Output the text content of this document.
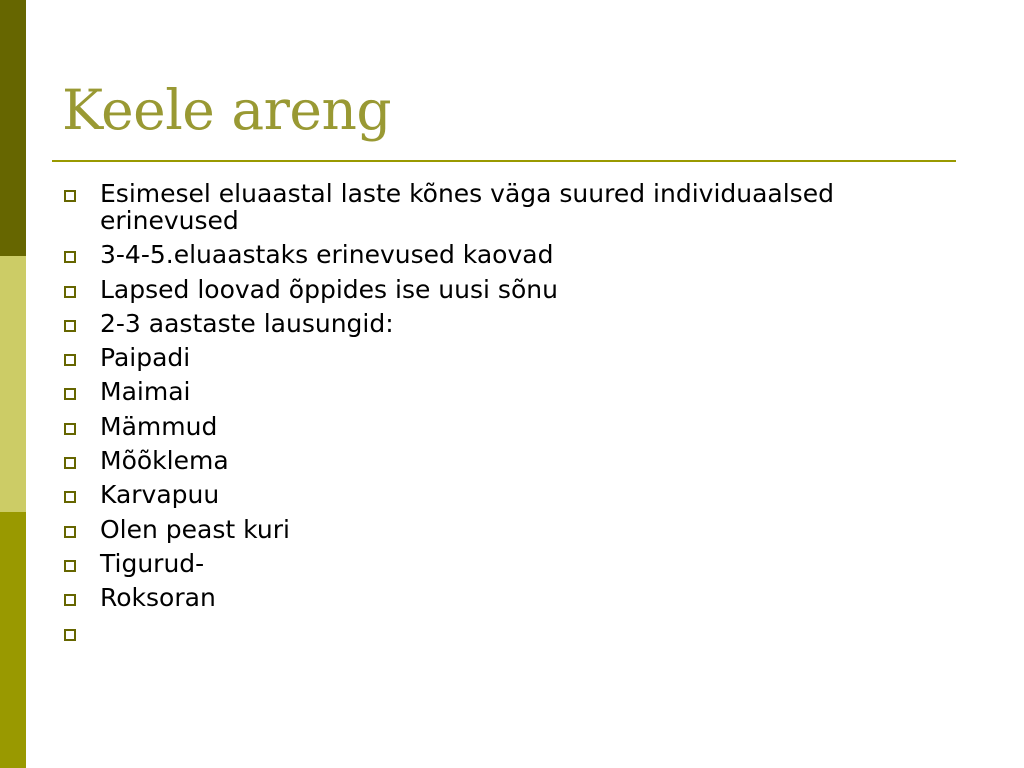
Keele areng
Esimesel eluaastal laste kõnes väga suured individuaalsed erinevused
3-4-5.eluaastaks erinevused kaovad
Lapsed loovad õppides ise uusi sõnu
2-3 aastaste lausungid:
Paipadi
Maimai
Mämmud
Mõõklema
Karvapuu
Olen peast kuri
Tigurud-
Roksoran
